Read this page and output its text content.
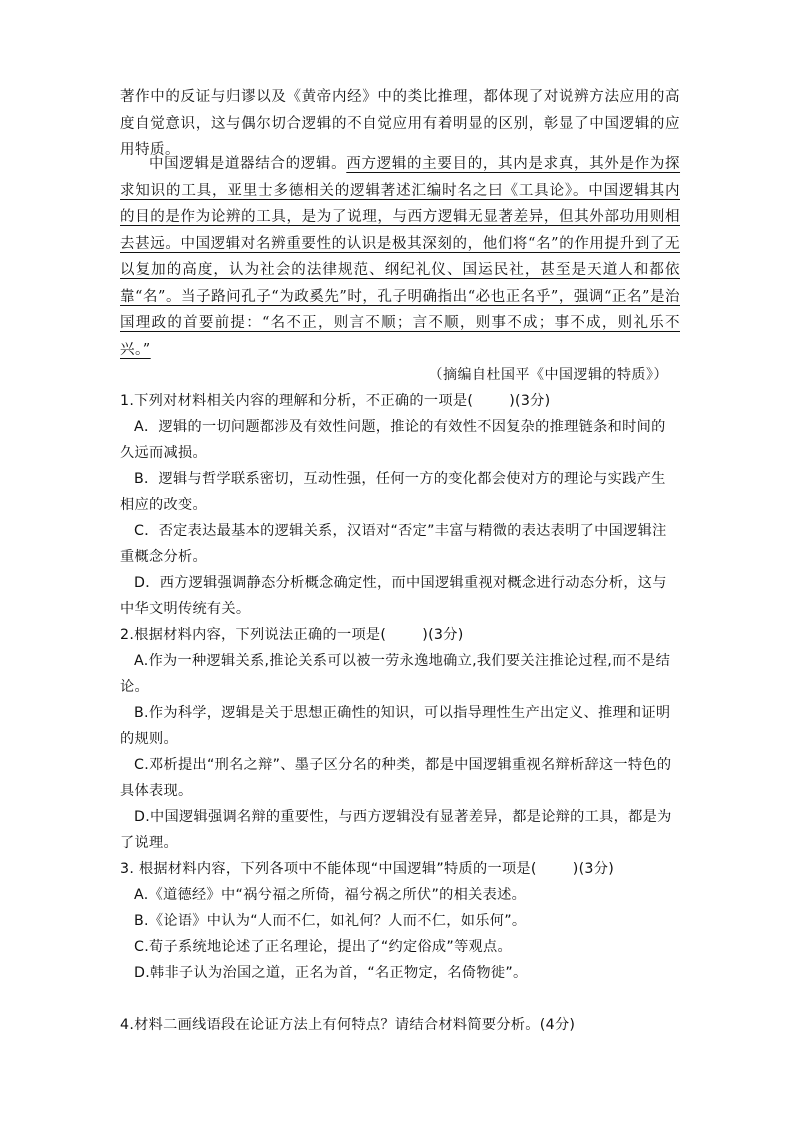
著作中的反证与归谬以及《黄帝内经》中的类比推理，都体现了对说辨方法应用的高度自觉意识，这与偶尔切合逻辑的不自觉应用有着明显的区别，彰显了中国逻辑的应用特质。
中国逻辑是道器结合的逻辑。西方逻辑的主要目的，其内是求真，其外是作为探求知识的工具，亚里士多德相关的逻辑著述汇编时名之曰《工具论》。中国逻辑其内的目的是作为论辨的工具，是为了说理，与西方逻辑无显著差异，但其外部功用则相去甚远。中国逻辑对名辨重要性的认识是极其深刻的，他们将“名”的作用提升到了无以复加的高度，认为社会的法律规范、纲纪礼仪、国运民社，甚至是天道人和都依靠“名”。当子路问孔子“为政奚先”时，孔子明确指出“必也正名乎”，强调“正名”是治国理政的首要前提：“名不正，则言不顺；言不顺，则事不成；事不成，则礼乐不兴。”
（摘编自杜国平《中国逻辑的特质》）
1.下列对材料相关内容的理解和分析，不正确的一项是(	)(3分)
A．逻辑的一切问题都涉及有效性问题，推论的有效性不因复杂的推理链条和时间的久远而减损。
B．逻辑与哲学联系密切，互动性强，任何一方的变化都会使对方的理论与实践产生相应的改变。
C．否定表达最基本的逻辑关系，汉语对“否定”丰富与精微的表达表明了中国逻辑注重概念分析。
D．西方逻辑强调静态分析概念确定性，而中国逻辑重视对概念进行动态分析，这与中华文明传统有关。
2.根据材料内容，下列说法正确的一项是(	)(3分)
A.作为一种逻辑关系,推论关系可以被一劳永逸地确立,我们要关注推论过程,而不是结论。
B.作为科学，逻辑是关于思想正确性的知识，可以指导理性生产出定义、推理和证明的规则。
C.邓析提出“刑名之辩”、墨子区分名的种类，都是中国逻辑重视名辩析辞这一特色的具体表现。
D.中国逻辑强调名辩的重要性，与西方逻辑没有显著差异，都是论辩的工具，都是为了说理。
3. 根据材料内容，下列各项中不能体现“中国逻辑”特质的一项是(	)(3分)
A.《道德经》中“祸兮福之所倚，福兮祸之所伏”的相关表述。
B.《论语》中认为“人而不仁，如礼何？人而不仁，如乐何”。
C.荀子系统地论述了正名理论，提出了“约定俗成”等观点。
D.韩非子认为治国之道，正名为首，“名正物定，名倚物徙”。
4.材料二画线语段在论证方法上有何特点？请结合材料简要分析。(4分)
